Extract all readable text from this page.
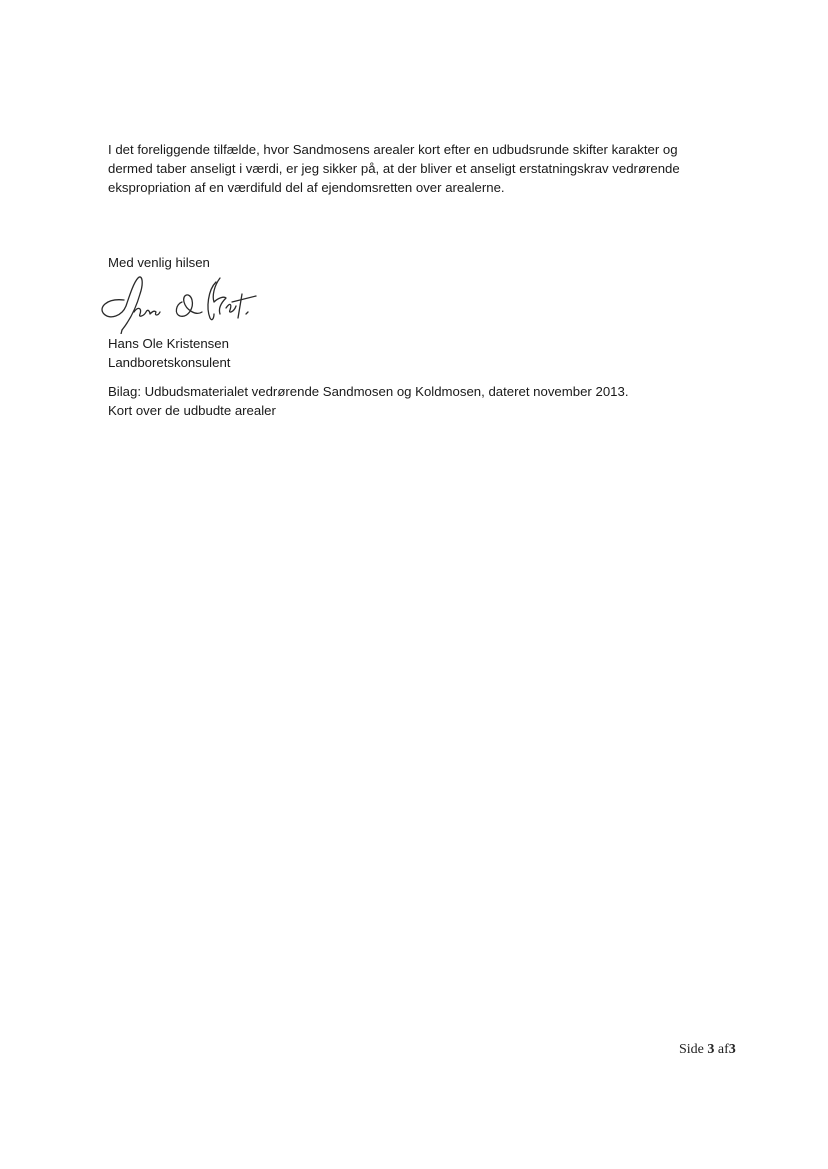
I det foreliggende tilfælde, hvor Sandmosens arealer kort efter en udbudsrunde skifter karakter og
dermed taber anseligt i værdi, er jeg sikker på, at der bliver et anseligt erstatningskrav vedrørende
ekspropriation af en værdifuld del af ejendomsretten over arealerne.
Med venlig hilsen
Hans Ole Kristensen
Landboretskonsulent
Bilag: Udbudsmaterialet vedrørende Sandmosen og Koldmosen, dateret november 2013.
Kort over de udbudte arealer
Side 3 af3
